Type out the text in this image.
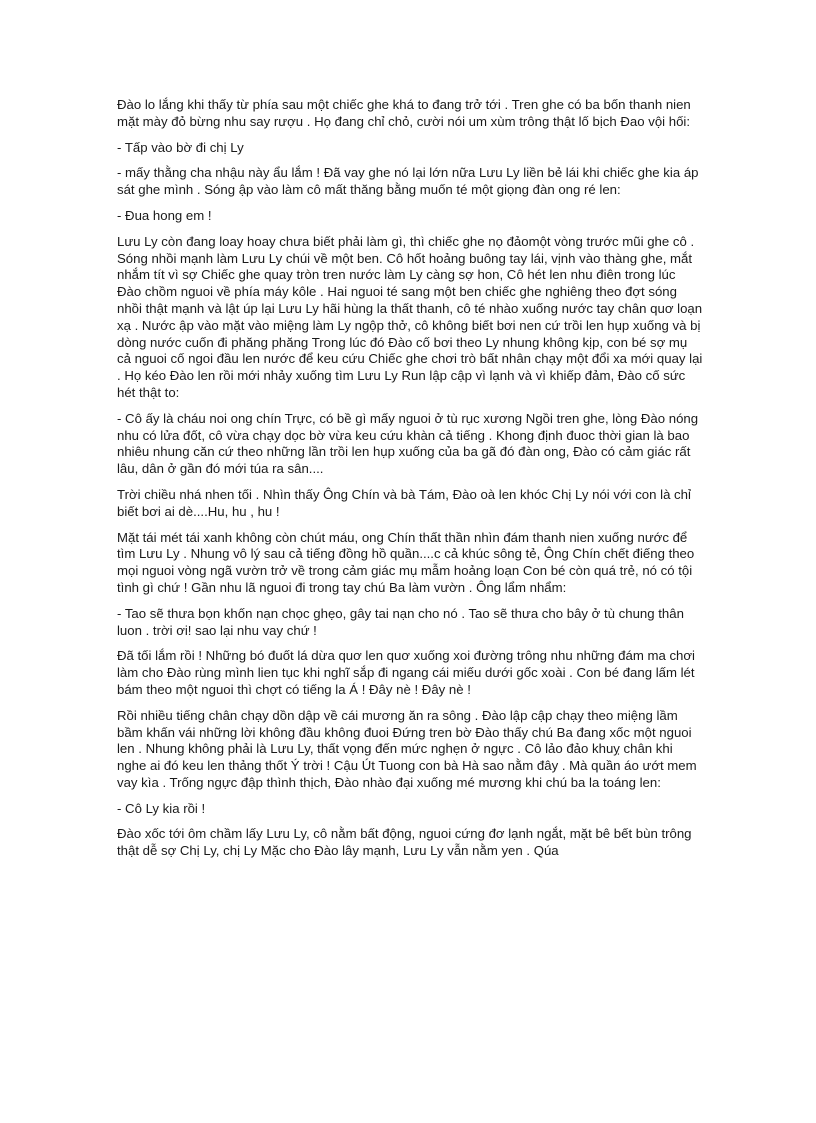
Đào lo lắng khi thấy từ phía sau một chiếc ghe khá to đang trở tới . Tren ghe có ba bốn thanh nien mặt mày đỏ bừng nhu say rượu . Họ đang chỉ chỏ, cười nói um xùm trông thật lố bịch Đao vội hối:

- Tấp vào bờ đi chị Ly

- mấy thằng cha nhậu này ẩu lắm ! Đã vay ghe nó lại lớn nữa Lưu Ly liền bẻ lái khi chiếc ghe kia áp sát ghe mình . Sóng ập vào làm cô mất thăng bằng muốn té một giọng đàn ong ré len:

- Đua hong em !

Lưu Ly còn đang loay hoay chưa biết phải làm gì, thì chiếc ghe nọ đảomột vòng trước mũi ghe cô . Sóng nhồi mạnh làm Lưu Ly chúi về một ben. Cô hốt hoảng buông tay lái, vịnh vào thàng ghe, mắt nhắm tít vì sợ Chiếc ghe quay tròn tren nước làm Ly càng sợ hon, Cô hét len nhu điên trong lúc Đào chồm nguoi về phía máy kôle . Hai nguoi té sang một ben chiếc ghe nghiêng theo đợt sóng nhồi thật mạnh và lật úp lại Lưu Ly hãi hùng la thất thanh, cô té nhào xuống nước tay chân quơ loạn xạ . Nước ập vào mặt vào miệng làm Ly ngộp thở, cô không biết bơi nen cứ trồi len hụp xuống và bị dòng nước cuốn đi phăng phăng Trong lúc đó Đào cố bơi theo Ly nhung không kịp, con bé sợ mụ cả nguoi cố ngoi đầu len nước để keu cứu Chiếc ghe chơi trò bất nhân chạy một đổi xa mới quay lại . Họ kéo Đào len rồi mới nhảy xuống tìm Lưu Ly Run lập cập vì lạnh và vì khiếp đảm, Đào cố sức hét thật to:

- Cô ấy là cháu noi ong chín Trực, có bề gì mấy nguoi ở tù rục xương Ngồi tren ghe, lòng Đào nóng nhu có lửa đốt, cô vừa chạy dọc bờ vừa keu cứu khàn cả tiếng . Khong định đuoc thời gian là bao nhiêu nhung căn cứ theo những lần trồi len hụp xuống của ba gã đó đàn ong, Đào có cảm giác rất lâu, dân ở gần đó mới túa ra sân....

Trời chiều nhá nhen tối . Nhìn thấy Ông Chín và bà Tám, Đào oà len khóc Chị Ly nói với con là chỉ biết bơi ai dè....Hu, hu , hu !

Mặt tái mét tái xanh không còn chút máu, ong Chín thất thần nhìn đám thanh nien xuống nước để tìm Lưu Ly . Nhung vô lý sau cả tiếng đồng hồ quần....c cả khúc sông tẻ, Ông Chín chết điếng theo mọi nguoi vòng ngã vườn trở về trong cảm giác mụ mẫm hoảng loạn Con bé còn quá trẻ, nó có tội tình gì chứ ! Gần nhu lã nguoi đi trong tay chú Ba làm vườn . Ông lẩm nhẩm:

- Tao sẽ thưa bọn khốn nạn chọc ghẹo, gây tai nạn cho nó . Tao sẽ thưa cho bây ở tù chung thân luon . trời ơi! sao lại nhu vay chứ !

Đã tối lắm rồi ! Những bó đuốt lá dừa quơ len quơ xuống xoi đường trông nhu những đám ma chơi làm cho Đào rùng mình lien tục khi nghĩ sắp đi ngang cái miếu dưới gốc xoài . Con bé đang lấm lét bám theo một nguoi thì chợt có tiếng la Á ! Đây nè ! Đây nè !

Rồi nhiều tiếng chân chạy dồn dập về cái mương ăn ra sông . Đào lập cập chạy theo miệng lầm bầm khấn vái những lời không đầu không đuoi Đứng tren bờ Đào thấy chú Ba đang xốc một nguoi len . Nhung không phải là Lưu Ly, thất vọng đến mức nghẹn ở ngực . Cô lảo đảo khuỵ chân khi nghe ai đó keu len thảng thốt Ý trời ! Cậu Út Tuong con bà Hà sao nằm đây . Mà quần áo ướt mem vay kìa . Trống ngực đập thình thịch, Đào nhào đại xuống mé mương khi chú ba la toáng len:

- Cô Ly kia rồi !

Đào xốc tới ôm chầm lấy Lưu Ly, cô nằm bất động, nguoi cứng đơ lạnh ngắt, mặt bê bết bùn trông thật dễ sợ Chị Ly, chị Ly Mặc cho Đào lây mạnh, Lưu Ly vẫn nằm yen . Qúa
